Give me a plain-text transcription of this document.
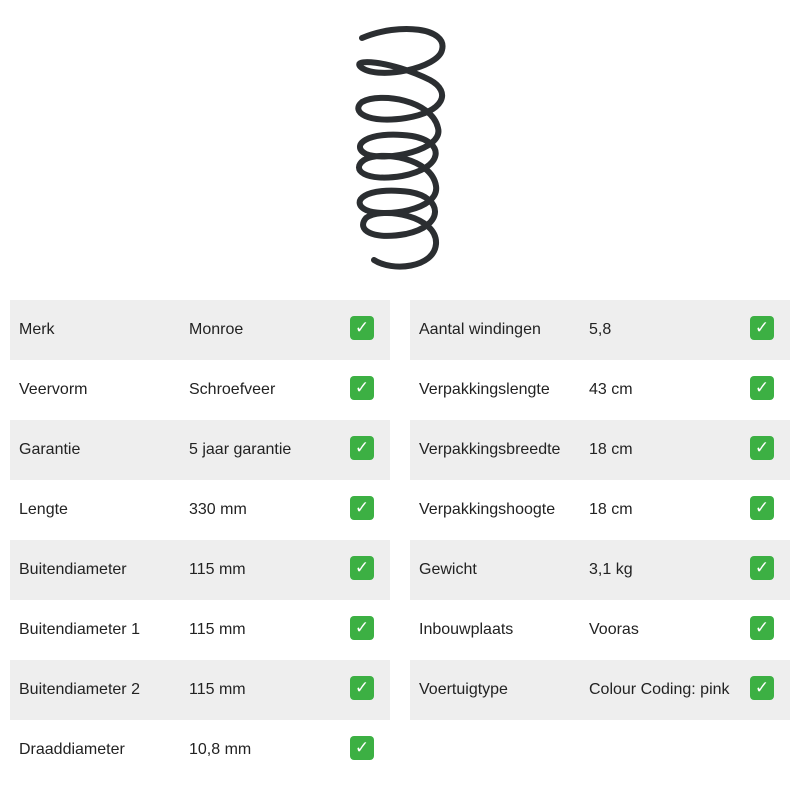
Merk	Monroe	✓
Veervorm	Schroefveer	✓
Garantie	5 jaar garantie	✓
Lengte	330 mm	✓
Buitendiameter	115 mm	✓
Buitendiameter 1	115 mm	✓
Buitendiameter 2	115 mm	✓
Draaddiameter	10,8 mm	✓
Aantal windingen	5,8	✓
Verpakkingslengte 43 cm	✓
Verpakkingsbreedte 18 cm	✓
Verpakkingshoogte 18 cm	✓
Gewicht	3,1 kg	✓
Inbouwplaats	Vooras	✓
Voertuigtype	Colour Coding: pink ✓
